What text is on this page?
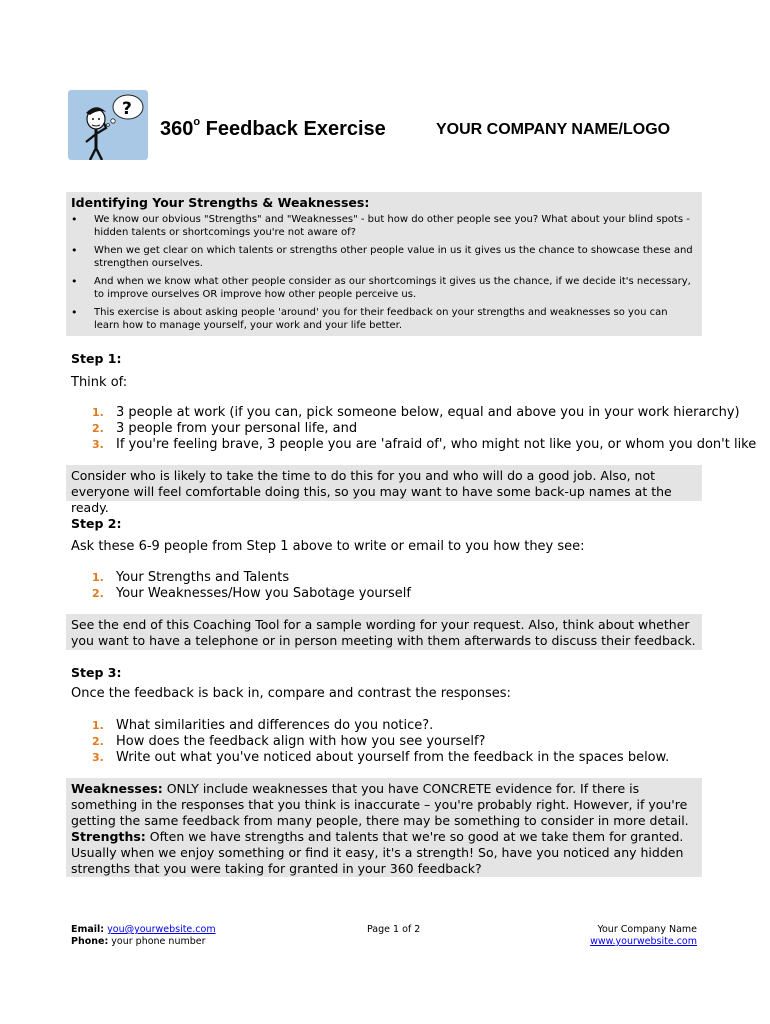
?
360$^o$ Feedback Exercise	YOUR COMPANY NAME/LOGO
Identifying Your Strengths & Weaknesses:
• We know our obvious "Strengths" and "Weaknesses" - but how do other people see you? What about your blind spots - hidden talents or shortcomings you're not aware of?
• When we get clear on which talents or strengths other people value in us it gives us the chance to showcase these and strengthen ourselves.
• And when we know what other people consider as our shortcomings it gives us the chance, if we decide it's necessary, to improve ourselves OR improve how other people perceive us.
• This exercise is about asking people 'around' you for their feedback on your strengths and weaknesses so you can learn how to manage yourself, your work and your life better.
Step 1:
Think of:
1. 3 people at work (if you can, pick someone below, equal and above you in your work hierarchy)
2. 3 people from your personal life, and
3. If you're feeling brave, 3 people you are 'afraid of', who might not like you, or whom you don't like
Consider who is likely to take the time to do this for you and who will do a good job. Also, not everyone will feel comfortable doing this, so you may want to have some back-up names at the ready.
Step 2:
Ask these 6-9 people from Step 1 above to write or email to you how they see:
1. Your Strengths and Talents
2. Your Weaknesses/How you Sabotage yourself
See the end of this Coaching Tool for a sample wording for your request. Also, think about whether you want to have a telephone or in person meeting with them afterwards to discuss their feedback.
Step 3:
Once the feedback is back in, compare and contrast the responses:
1. What similarities and differences do you notice?.
2. How does the feedback align with how you see yourself?
3. Write out what you've noticed about yourself from the feedback in the spaces below.
Weaknesses: ONLY include weaknesses that you have CONCRETE evidence for. If there is something in the responses that you think is inaccurate – you're probably right. However, if you're getting the same feedback from many people, there may be something to consider in more detail.
Strengths: Often we have strengths and talents that we're so good at we take them for granted. Usually when we enjoy something or find it easy, it's a strength! So, have you noticed any hidden strengths that you were taking for granted in your 360 feedback?
Email: you@yourwebsite.com
Phone: your phone number
Page 1 of 2	Your Company Name
www.yourwebsite.com
